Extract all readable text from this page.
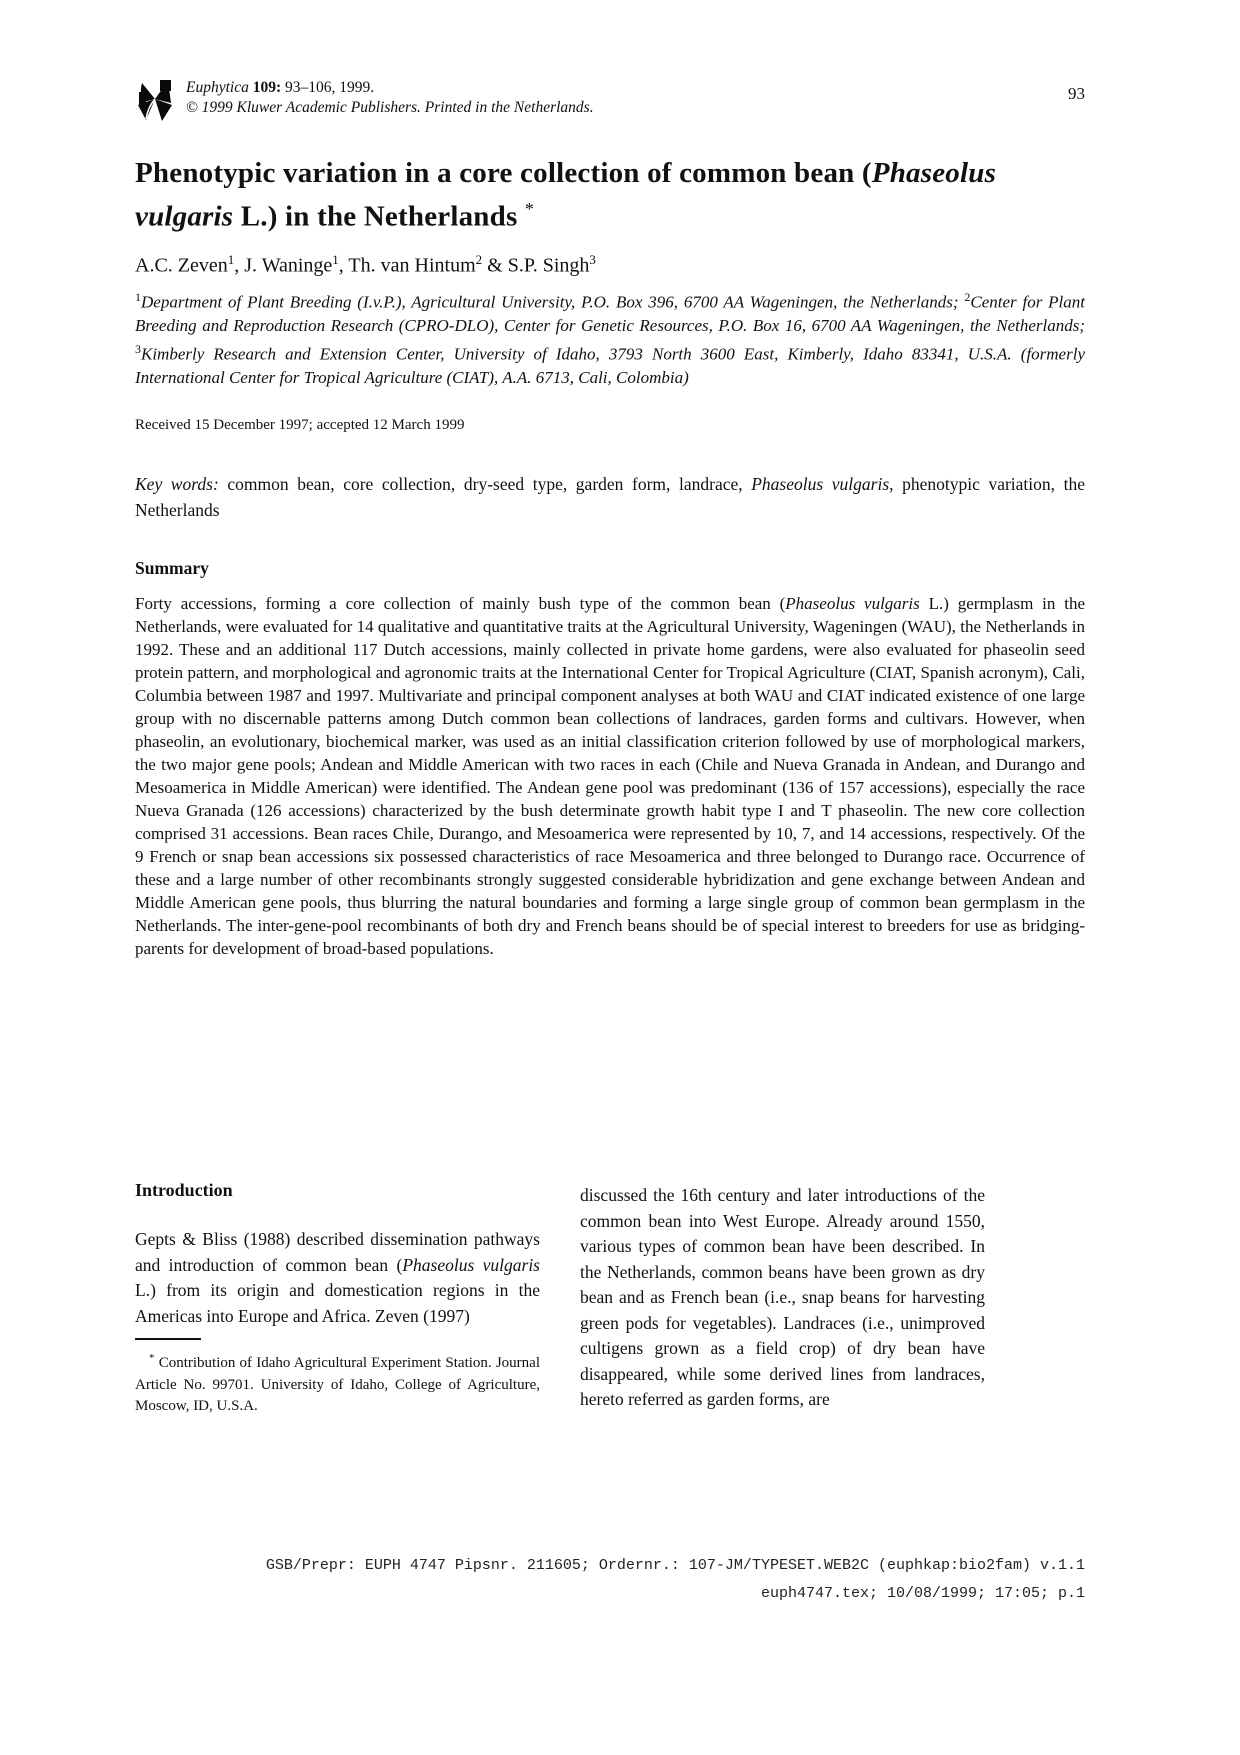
Euphytica 109: 93–106, 1999.
© 1999 Kluwer Academic Publishers. Printed in the Netherlands.
93
Phenotypic variation in a core collection of common bean (Phaseolus vulgaris L.) in the Netherlands *
A.C. Zeven$^1$, J. Waninge$^1$, Th. van Hintum$^2$ & S.P. Singh$^3$
$^1$Department of Plant Breeding (I.v.P.), Agricultural University, P.O. Box 396, 6700 AA Wageningen, the Netherlands; $^2$Center for Plant Breeding and Reproduction Research (CPRO-DLO), Center for Genetic Resources, P.O. Box 16, 6700 AA Wageningen, the Netherlands; $^3$Kimberly Research and Extension Center, University of Idaho, 3793 North 3600 East, Kimberly, Idaho 83341, U.S.A. (formerly International Center for Tropical Agriculture (CIAT), A.A. 6713, Cali, Colombia)
Received 15 December 1997; accepted 12 March 1999
Key words: common bean, core collection, dry-seed type, garden form, landrace, Phaseolus vulgaris, phenotypic variation, the Netherlands
Summary
Forty accessions, forming a core collection of mainly bush type of the common bean (Phaseolus vulgaris L.) germplasm in the Netherlands, were evaluated for 14 qualitative and quantitative traits at the Agricultural University, Wageningen (WAU), the Netherlands in 1992. These and an additional 117 Dutch accessions, mainly collected in private home gardens, were also evaluated for phaseolin seed protein pattern, and morphological and agronomic traits at the International Center for Tropical Agriculture (CIAT, Spanish acronym), Cali, Columbia between 1987 and 1997. Multivariate and principal component analyses at both WAU and CIAT indicated existence of one large group with no discernable patterns among Dutch common bean collections of landraces, garden forms and cultivars. However, when phaseolin, an evolutionary, biochemical marker, was used as an initial classification criterion followed by use of morphological markers, the two major gene pools; Andean and Middle American with two races in each (Chile and Nueva Granada in Andean, and Durango and Mesoamerica in Middle American) were identified. The Andean gene pool was predominant (136 of 157 accessions), especially the race Nueva Granada (126 accessions) characterized by the bush determinate growth habit type I and T phaseolin. The new core collection comprised 31 accessions. Bean races Chile, Durango, and Mesoamerica were represented by 10, 7, and 14 accessions, respectively. Of the 9 French or snap bean accessions six possessed characteristics of race Mesoamerica and three belonged to Durango race. Occurrence of these and a large number of other recombinants strongly suggested considerable hybridization and gene exchange between Andean and Middle American gene pools, thus blurring the natural boundaries and forming a large single group of common bean germplasm in the Netherlands. The inter-gene-pool recombinants of both dry and French beans should be of special interest to breeders for use as bridging-parents for development of broad-based populations.
Introduction

Gepts & Bliss (1988) described dissemination pathways and introduction of common bean (Phaseolus vulgaris L.) from its origin and domestication regions in the Americas into Europe and Africa. Zeven (1997)

* Contribution of Idaho Agricultural Experiment Station. Journal Article No. 99701. University of Idaho, College of Agriculture, Moscow, ID, U.S.A.

discussed the 16th century and later introductions of the common bean into West Europe. Already around 1550, various types of common bean have been described. In the Netherlands, common beans have been grown as dry bean and as French bean (i.e., snap beans for harvesting green pods for vegetables). Landraces (i.e., unimproved cultigens grown as a field crop) of dry bean have disappeared, while some derived lines from landraces, hereto referred as garden forms, are
GSB/Prepr: EUPH 4747 Pipsnr. 211605; Ordernr.: 107-JM/TYPESET.WEB2C (euphkap:bio2fam) v.1.1
euph4747.tex; 10/08/1999; 17:05; p.1
